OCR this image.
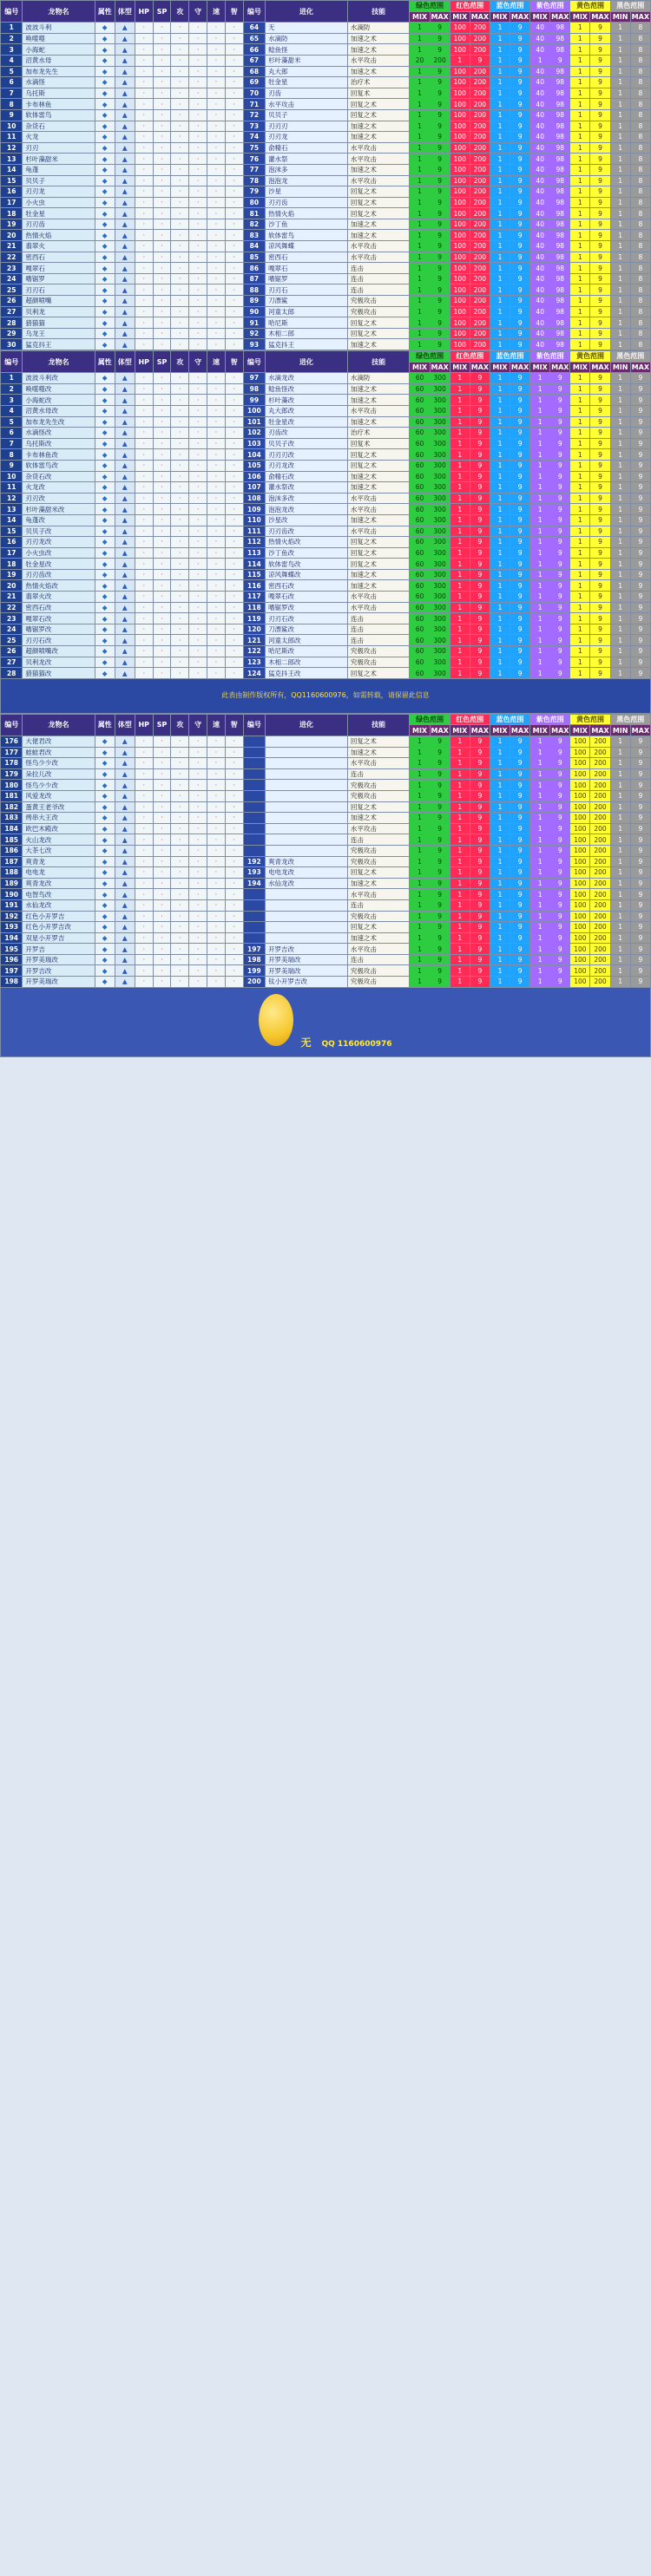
编号	龙物名	属性	体型	HP	SP	攻	守	速	智	编号	进化	技能	绿色范围		红色范围		蓝色范围		紫色范围		黄色范围		黑色范围	
													MIX	MAX	MIX	MAX	MIX	MAX	MIX	MAX	MIX	MAX	MIN	MAX
1	波波斗利	◆	▲	·	·	·	·	·	·	64	无	水滴防	1	9	100	200	1	9	40	98	1	9	1	8
2	唤噬噬	◆	▲	·	·	·	·	·	·	65	水滴防	加速之术	1	9	100	200	1	9	40	98	1	9	1	8
3	小海蛇	◆	▲	·	·	·	·	·	·	66	鲶鱼怪	加速之术	1	9	100	200	1	9	40	98	1	9	1	8
4	沼黄水母	◆	▲	·	·	·	·	·	·	67	杉叶藻甜米	水平攻击	20	200	1	9	1	9	1	9	1	9	1	8
5	加布龙先生	◆	▲	·	·	·	·	·	·	68	丸大郎	加速之术	1	9	100	200	1	9	40	98	1	9	1	8
6	水滴怪	◆	▲	·	·	·	·	·	·	69	牡金星	治疗术	1	9	100	200	1	9	40	98	1	9	1	8
7	乌托斯	◆	▲	·	·	·	·	·	·	70	刃齿	回复术	1	9	100	200	1	9	40	98	1	9	1	8
8	卡布林鱼	◆	▲	·	·	·	·	·	·	71	水平攻击	回复之术	1	9	100	200	1	9	40	98	1	9	1	8
9	软体雷鸟	◆	▲	·	·	·	·	·	·	72	贝贝子	回复之术	1	9	100	200	1	9	40	98	1	9	1	8
10	杂货石	◆	▲	·	·	·	·	·	·	73	刃刃刃	加速之术	1	9	100	200	1	9	40	98	1	9	1	8
11	火龙	◆	▲	·	·	·	·	·	·	74	刃刃龙	加速之术	1	9	100	200	1	9	40	98	1	9	1	8
12	刃刃	◆	▲	·	·	·	·	·	·	75	俞精石	水平攻击	1	9	100	200	1	9	40	98	1	9	1	8
13	杉叶藻甜米	◆	▲	·	·	·	·	·	·	76	灌水祭	水平攻击	1	9	100	200	1	9	40	98	1	9	1	8
14	龟蓬	◆	▲	·	·	·	·	·	·	77	泡沫多	加速之术	1	9	100	200	1	9	40	98	1	9	1	8
15	贝贝子	◆	▲	·	·	·	·	·	·	78	泡泡龙	水平攻击	1	9	100	200	1	9	40	98	1	9	1	8
16	刃刃龙	◆	▲	·	·	·	·	·	·	79	沙星	回复之术	1	9	100	200	1	9	40	98	1	9	1	8
17	小火虫	◆	▲	·	·	·	·	·	·	80	刃刃齿	回复之术	1	9	100	200	1	9	40	98	1	9	1	8
18	牡金星	◆	▲	·	·	·	·	·	·	81	热情火焰	回复之术	1	9	100	200	1	9	40	98	1	9	1	8
19	刃刃齿	◆	▲	·	·	·	·	·	·	82	沙丁鱼	加速之术	1	9	100	200	1	9	40	98	1	9	1	8
20	热情火焰	◆	▲	·	·	·	·	·	·	83	软体雷鸟	加速之术	1	9	100	200	1	9	40	98	1	9	1	8
21	翡翠火	◆	▲	·	·	·	·	·	·	84	凉风舞蝶	水平攻击	1	9	100	200	1	9	40	98	1	9	1	8
22	密西石	◆	▲	·	·	·	·	·	·	85	密西石	水平攻击	1	9	100	200	1	9	40	98	1	9	1	8
23	嘎翠石	◆	▲	·	·	·	·	·	·	86	嘎翠石	连击	1	9	100	200	1	9	40	98	1	9	1	8
24	嗜锯罗	◆	▲	·	·	·	·	·	·	87	嗜锯罗	连击	1	9	100	200	1	9	40	98	1	9	1	8
25	刃刃石	◆	▲	·	·	·	·	·	·	88	刃刃石	连击	1	9	100	200	1	9	40	98	1	9	1	8
26	超颜喷嘴	◆	▲	·	·	·	·	·	·	89	刀漂鲨	究极攻击	1	9	100	200	1	9	40	98	1	9	1	8
27	贝利龙	◆	▲	·	·	·	·	·	·	90	河童太郎	究极攻击	1	9	100	200	1	9	40	98	1	9	1	8
28	猎猫猫	◆	▲	·	·	·	·	·	·	91	哈尼斯	回复之术	1	9	100	200	1	9	40	98	1	9	1	8
29	乌龙王	◆	▲	·	·	·	·	·	·	92	木相二郎	回复之术	1	9	100	200	1	9	40	98	1	9	1	8
30	猛克抖王	◆	▲	·	·	·	·	·	·	93	猛克抖王	加速之术	1	9	100	200	1	9	40	98	1	9	1	8
编号	龙物名	属性	体型	HP	SP	攻	守	速	智	编号	进化	技能	绿色范围		红色范围		蓝色范围		紫色范围		黄色范围		黑色范围	
													MIX	MAX	MIX	MAX	MIX	MAX	MIX	MAX	MIX	MAX	MIN	MAX
1	波波斗利改	◆	▲	·	·	·	·	·	·	97	水滴龙改	水滴防	60	300	1	9	1	9	1	9	1	9	1	9
2	唤噬噬改	◆	▲	·	·	·	·	·	·	98	鲶鱼怪改	加速之术	60	300	1	9	1	9	1	9	1	9	1	9
3	小海蛇改	◆	▲	·	·	·	·	·	·	99	杉叶藻改	加速之术	60	300	1	9	1	9	1	9	1	9	1	9
4	沼黄水母改	◆	▲	·	·	·	·	·	·	100	丸大郎改	水平攻击	60	300	1	9	1	9	1	9	1	9	1	9
5	加布龙先生改	◆	▲	·	·	·	·	·	·	101	牡金星改	加速之术	60	300	1	9	1	9	1	9	1	9	1	9
6	水滴怪改	◆	▲	·	·	·	·	·	·	102	刃齿改	治疗术	60	300	1	9	1	9	1	9	1	9	1	9
7	乌托斯改	◆	▲	·	·	·	·	·	·	103	贝贝子改	回复术	60	300	1	9	1	9	1	9	1	9	1	9
8	卡布林鱼改	◆	▲	·	·	·	·	·	·	104	刃刃刃改	回复之术	60	300	1	9	1	9	1	9	1	9	1	9
9	软体雷鸟改	◆	▲	·	·	·	·	·	·	105	刃刃龙改	回复之术	60	300	1	9	1	9	1	9	1	9	1	9
10	杂货石改	◆	▲	·	·	·	·	·	·	106	俞精石改	加速之术	60	300	1	9	1	9	1	9	1	9	1	9
11	火龙改	◆	▲	·	·	·	·	·	·	107	灌水祭改	加速之术	60	300	1	9	1	9	1	9	1	9	1	9
12	刃刃改	◆	▲	·	·	·	·	·	·	108	泡沫多改	水平攻击	60	300	1	9	1	9	1	9	1	9	1	9
13	杉叶藻甜米改	◆	▲	·	·	·	·	·	·	109	泡泡龙改	水平攻击	60	300	1	9	1	9	1	9	1	9	1	9
14	龟蓬改	◆	▲	·	·	·	·	·	·	110	沙星改	加速之术	60	300	1	9	1	9	1	9	1	9	1	9
15	贝贝子改	◆	▲	·	·	·	·	·	·	111	刃刃齿改	水平攻击	60	300	1	9	1	9	1	9	1	9	1	9
16	刃刃龙改	◆	▲	·	·	·	·	·	·	112	热情火焰改	回复之术	60	300	1	9	1	9	1	9	1	9	1	9
17	小火虫改	◆	▲	·	·	·	·	·	·	113	沙丁鱼改	回复之术	60	300	1	9	1	9	1	9	1	9	1	9
18	牡金星改	◆	▲	·	·	·	·	·	·	114	软体雷鸟改	回复之术	60	300	1	9	1	9	1	9	1	9	1	9
19	刃刃齿改	◆	▲	·	·	·	·	·	·	115	凉风舞蝶改	加速之术	60	300	1	9	1	9	1	9	1	9	1	9
20	热情火焰改	◆	▲	·	·	·	·	·	·	116	密西石改	加速之术	60	300	1	9	1	9	1	9	1	9	1	9
21	翡翠火改	◆	▲	·	·	·	·	·	·	117	嘎翠石改	水平攻击	60	300	1	9	1	9	1	9	1	9	1	9
22	密西石改	◆	▲	·	·	·	·	·	·	118	嗜锯罗改	水平攻击	60	300	1	9	1	9	1	9	1	9	1	9
23	嘎翠石改	◆	▲	·	·	·	·	·	·	119	刃刃石改	连击	60	300	1	9	1	9	1	9	1	9	1	9
24	嗜锯罗改	◆	▲	·	·	·	·	·	·	120	刀漂鲨改	连击	60	300	1	9	1	9	1	9	1	9	1	9
25	刃刃石改	◆	▲	·	·	·	·	·	·	121	河童太郎改	连击	60	300	1	9	1	9	1	9	1	9	1	9
26	超颜喷嘴改	◆	▲	·	·	·	·	·	·	122	哈尼斯改	究极攻击	60	300	1	9	1	9	1	9	1	9	1	9
27	贝利龙改	◆	▲	·	·	·	·	·	·	123	木相二郎改	究极攻击	60	300	1	9	1	9	1	9	1	9	1	9
28	猎猫猫改	◆	▲	·	·	·	·	·	·	124	猛克抖王改	回复之术	60	300	1	9	1	9	1	9	1	9	1	9
此表由制作版权所有，QQ1160600976，如需转载，请保留此信息																								
编号	龙物名	属性	体型	HP	SP	攻	守	速	智	编号	进化	技能	绿色范围		红色范围		蓝色范围		紫色范围		黄色范围		黑色范围	
													MIX	MAX	MIX	MAX	MIX	MAX	MIX	MAX	MIX	MAX	MIN	MAX
176	大佬君改	◆	▲	·	·	·	·	·	·			回复之术	1	9	1	9	1	9	1	9	100	200	1	9
177	蛙蛙君改	◆	▲	·	·	·	·	·	·			加速之术	1	9	1	9	1	9	1	9	100	200	1	9
178	怪鸟少少改	◆	▲	·	·	·	·	·	·			水平攻击	1	9	1	9	1	9	1	9	100	200	1	9
179	朵拉儿改	◆	▲	·	·	·	·	·	·			连击	1	9	1	9	1	9	1	9	100	200	1	9
180	怪鸟少少改	◆	▲	·	·	·	·	·	·			究极攻击	1	9	1	9	1	9	1	9	100	200	1	9
181	风爱龙改	◆	▲	·	·	·	·	·	·			究极攻击	1	9	1	9	1	9	1	9	100	200	1	9
182	蛋黄王老爷改	◆	▲	·	·	·	·	·	·			回复之术	1	9	1	9	1	9	1	9	100	200	1	9
183	烤串大王改	◆	▲	·	·	·	·	·	·			加速之术	1	9	1	9	1	9	1	9	100	200	1	9
184	欧巴木殿改	◆	▲	·	·	·	·	·	·			水平攻击	1	9	1	9	1	9	1	9	100	200	1	9
185	火山龙改	◆	▲	·	·	·	·	·	·			连击	1	9	1	9	1	9	1	9	100	200	1	9
186	大茶七改	◆	▲	·	·	·	·	·	·			究极攻击	1	9	1	9	1	9	1	9	100	200	1	9
187	爽青龙	◆	▲	·	·	·	·	·	·	192	爽青龙改	究极攻击	1	9	1	9	1	9	1	9	100	200	1	9
188	电电龙	◆	▲	·	·	·	·	·	·	193	电电龙改	回复之术	1	9	1	9	1	9	1	9	100	200	1	9
189	爽青龙改	◆	▲	·	·	·	·	·	·	194	水仙龙改	加速之术	1	9	1	9	1	9	1	9	100	200	1	9
190	电智鸟改	◆	▲	·	·	·	·	·	·			水平攻击	1	9	1	9	1	9	1	9	100	200	1	9
191	水仙龙改	◆	▲	·	·	·	·	·	·			连击	1	9	1	9	1	9	1	9	100	200	1	9
192	红色小开罗吉	◆	▲	·	·	·	·	·	·			究极攻击	1	9	1	9	1	9	1	9	100	200	1	9
193	红色小开罗吉改	◆	▲	·	·	·	·	·	·			回复之术	1	9	1	9	1	9	1	9	100	200	1	9
194	双星小开罗吉	◆	▲	·	·	·	·	·	·			加速之术	1	9	1	9	1	9	1	9	100	200	1	9
195	开罗吉	◆	▲	·	·	·	·	·	·	197	开罗吉改	水平攻击	1	9	1	9	1	9	1	9	100	200	1	9
196	开罗美瑞改	◆	▲	·	·	·	·	·	·	198	开罗美瑞改	连击	1	9	1	9	1	9	1	9	100	200	1	9
197	开罗吉改	◆	▲	·	·	·	·	·	·	199	开罗美瑞改	究极攻击	1	9	1	9	1	9	1	9	100	200	1	9
198	开罗美瑞改	◆	▲	·	·	·	·	·	·	200	钛小开罗吉改	究极攻击	1	9	1	9	1	9	1	9	100	200	1	9
无 QQ 1160600976																								
